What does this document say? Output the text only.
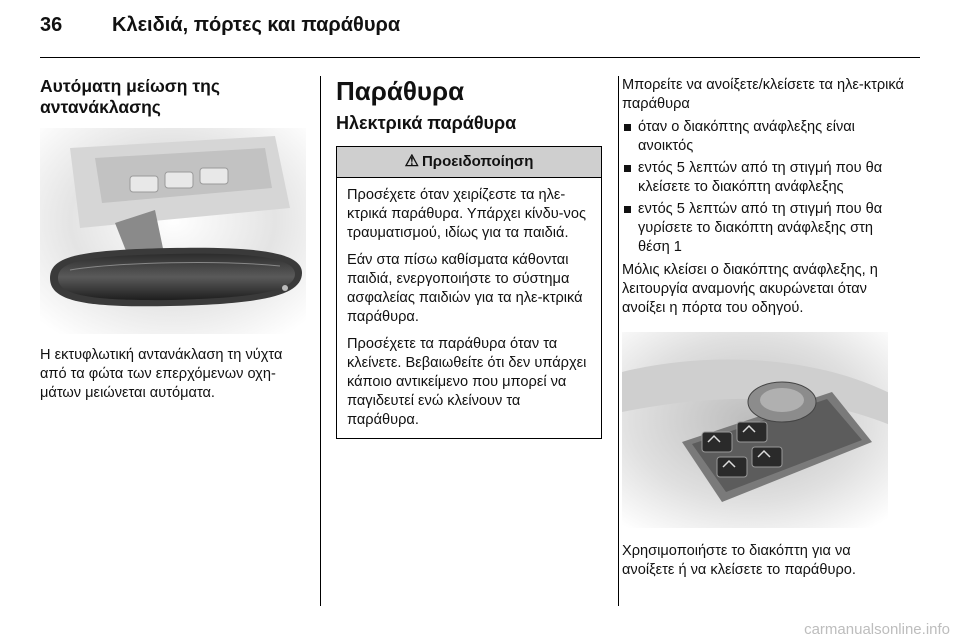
36 Κλειδιά, πόρτες και παράθυρα
Αυτόματη μείωση της αντανάκλασης

Η εκτυφλωτική αντανάκλαση τη νύχτα από τα φώτα των επερχόμενων οχη-μάτων μειώνεται αυτόματα.

Παράθυρα
Ηλεκτρικά παράθυρα
⚠ Προειδοποίηση

Προσέχετε όταν χειρίζεστε τα ηλε-κτρικά παράθυρα. Υπάρχει κίνδυ-νος τραυματισμού, ιδίως για τα παιδιά.

Εάν στα πίσω καθίσματα κάθονται παιδιά, ενεργοποιήστε το σύστημα ασφαλείας παιδιών για τα ηλε-κτρικά παράθυρα.

Προσέχετε τα παράθυρα όταν τα κλείνετε. Βεβαιωθείτε ότι δεν υπάρχει κάποιο αντικείμενο που μπορεί να παγιδευτεί ενώ κλείνουν τα παράθυρα.

Μπορείτε να ανοίξετε/κλείσετε τα ηλε-κτρικά παράθυρα

όταν ο διακόπτης ανάφλεξης είναι ανοικτός
εντός 5 λεπτών από τη στιγμή που θα κλείσετε το διακόπτη ανάφλεξης
εντός 5 λεπτών από τη στιγμή που θα γυρίσετε το διακόπτη ανάφλεξης στη θέση 1

Μόλις κλείσει ο διακόπτης ανάφλεξης, η λειτουργία αναμονής ακυρώνεται όταν ανοίξει η πόρτα του οδηγού.

Χρησιμοποιήστε το διακόπτη για να ανοίξετε ή να κλείσετε το παράθυρο.

carmanualsonline.info
